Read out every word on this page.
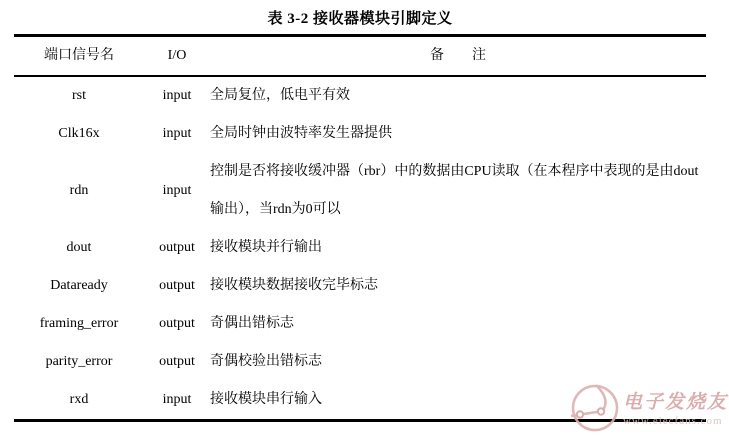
表 3-2 接收器模块引脚定义
端口信号名	I/O	备        注
rst	input	全局复位，低电平有效
Clk16x	input	全局时钟由波特率发生器提供
rdn	input	控制是否将接收缓冲器（rbr）中的数据由CPU读取（在本程序中表现的是由dout输出），当rdn为0可以
dout	output	接收模块并行输出
Dataready	output	接收模块数据接收完毕标志
framing_error	output	奇偶出错标志
parity_error	output	奇偶校验出错标志
rxd	input	接收模块串行输入	电子发烧友
www.elecfans.com
